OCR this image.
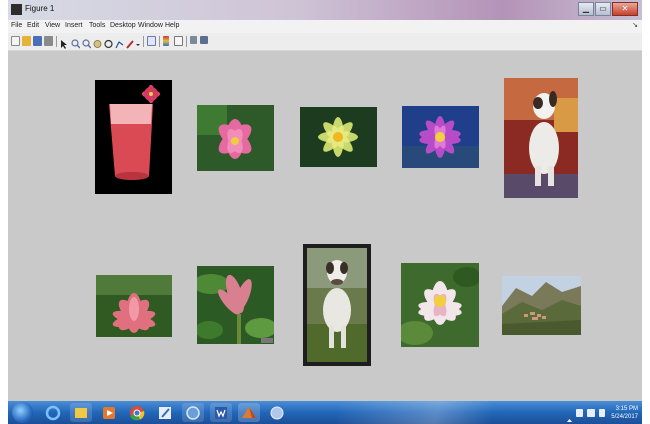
Figure 1	▁	▭	✕
File Edit View Insert Tools Desktop Window Help	↘
3:15 PM
5/24/2017
